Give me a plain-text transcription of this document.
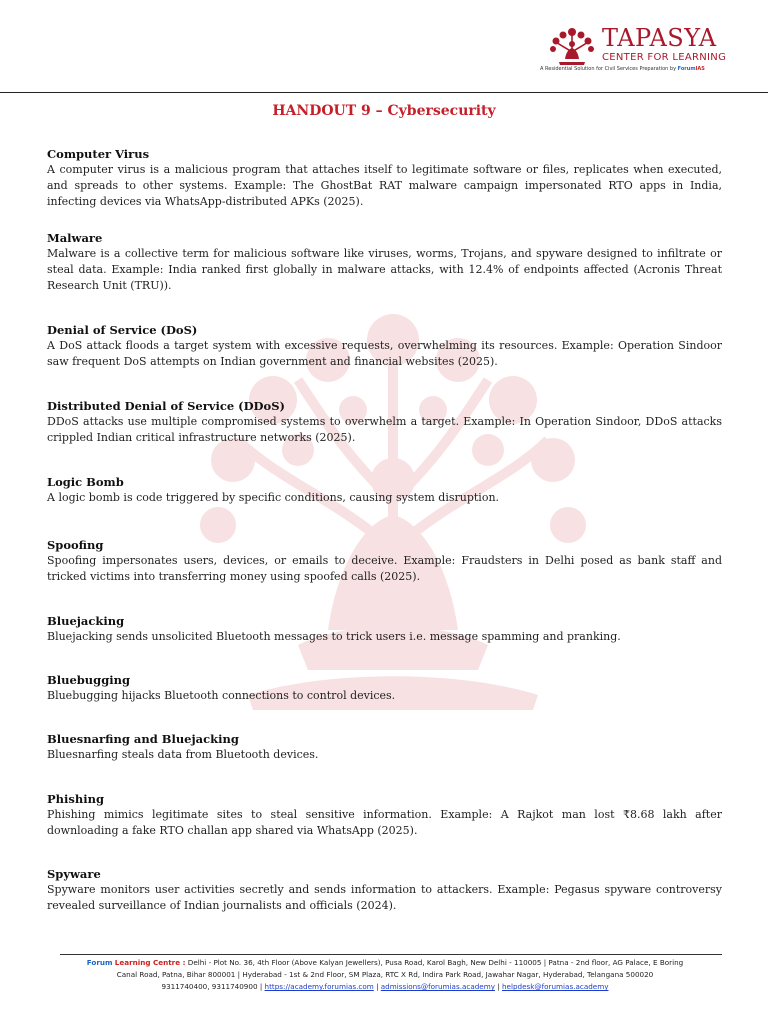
TAPASYA
CENTER FOR LEARNING
A Residential Solution for Civil Services Preparation by ForumIAS
HANDOUT 9 – Cybersecurity
Computer Virus
A computer virus is a malicious program that attaches itself to legitimate software or files, replicates when executed, and spreads to other systems. Example: The GhostBat RAT malware campaign impersonated RTO apps in India, infecting devices via WhatsApp-distributed APKs (2025).
Malware
Malware is a collective term for malicious software like viruses, worms, Trojans, and spyware designed to infiltrate or steal data. Example: India ranked first globally in malware attacks, with 12.4% of endpoints affected (Acronis Threat Research Unit (TRU)).
Denial of Service (DoS)
A DoS attack floods a target system with excessive requests, overwhelming its resources. Example: Operation Sindoor saw frequent DoS attempts on Indian government and financial websites (2025).
Distributed Denial of Service (DDoS)
DDoS attacks use multiple compromised systems to overwhelm a target. Example: In Operation Sindoor, DDoS attacks crippled Indian critical infrastructure networks (2025).
Logic Bomb
A logic bomb is code triggered by specific conditions, causing system disruption.
Spoofing
Spoofing impersonates users, devices, or emails to deceive. Example: Fraudsters in Delhi posed as bank staff and tricked victims into transferring money using spoofed calls (2025).
Bluejacking
Bluejacking sends unsolicited Bluetooth messages to trick users i.e. message spamming and pranking.
Bluebugging
Bluebugging hijacks Bluetooth connections to control devices.
Bluesnarfing and Bluejacking
Bluesnarfing steals data from Bluetooth devices.
Phishing
Phishing mimics legitimate sites to steal sensitive information. Example: A Rajkot man lost ₹8.68 lakh after downloading a fake RTO challan app shared via WhatsApp (2025).
Spyware
Spyware monitors user activities secretly and sends information to attackers. Example: Pegasus spyware controversy revealed surveillance of Indian journalists and officials (2024).
Forum Learning Centre : Delhi - Plot No. 36, 4th Floor (Above Kalyan Jewellers), Pusa Road, Karol Bagh, New Delhi - 110005 | Patna - 2nd floor, AG Palace, E Boring
Canal Road, Patna, Bihar 800001 | Hyderabad - 1st & 2nd Floor, SM Plaza, RTC X Rd, Indira Park Road, Jawahar Nagar, Hyderabad, Telangana 500020
9311740400, 9311740900 | https://academy.forumias.com | admissions@forumias.academy | helpdesk@forumias.academy
